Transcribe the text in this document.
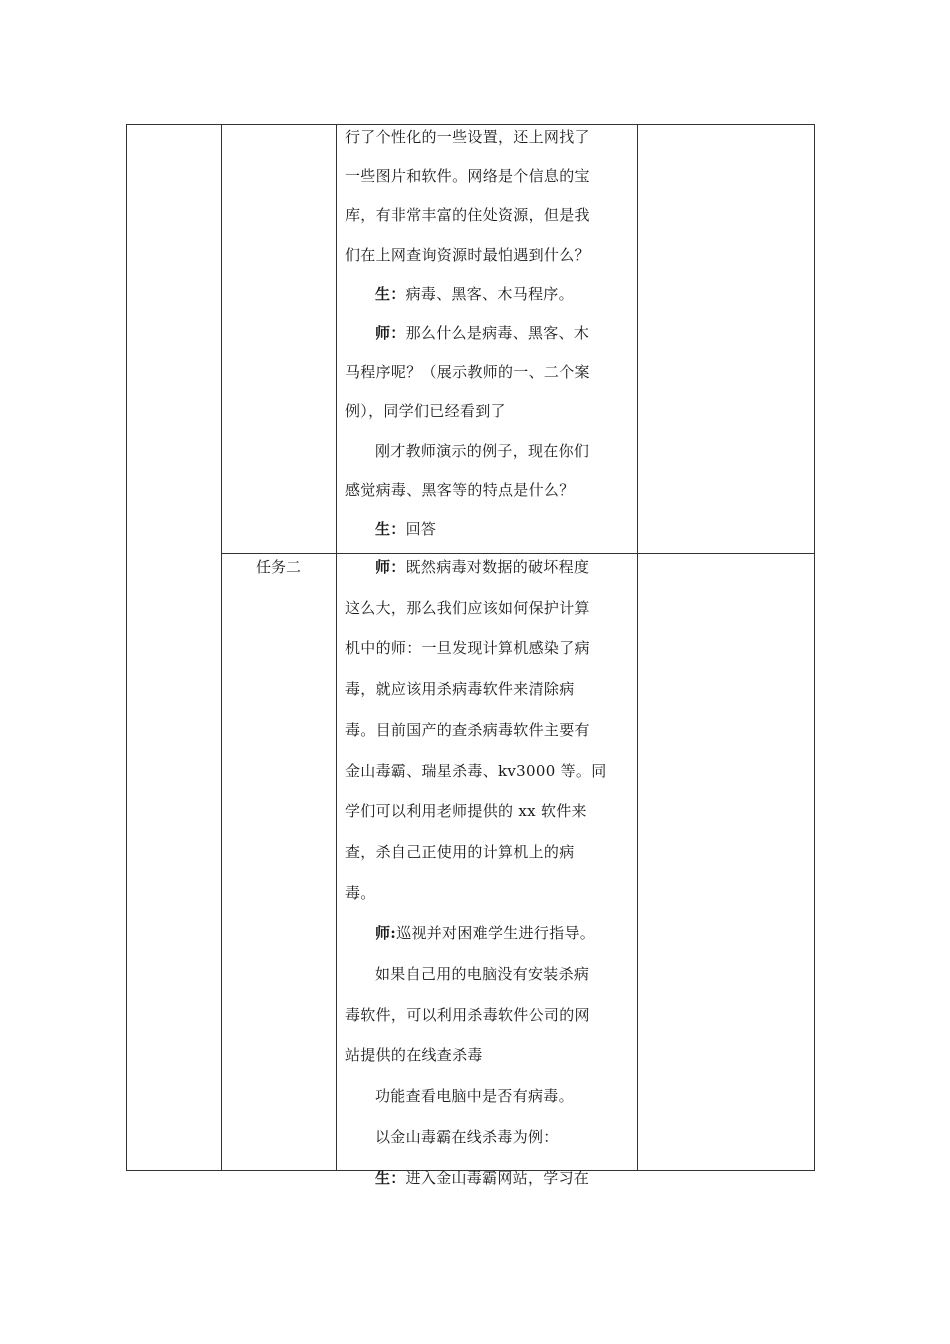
行了个性化的一些设置，还上网找了
一些图片和软件。网络是个信息的宝
库，有非常丰富的住处资源，但是我
们在上网查询资源时最怕遇到什么？
生：病毒、黑客、木马程序。
师：那么什么是病毒、黑客、木
马程序呢？（展示教师的一、二个案
例），同学们已经看到了
刚才教师演示的例子，现在你们
感觉病毒、黑客等的特点是什么？
生：回答
任务二	师：既然病毒对数据的破坏程度
这么大，那么我们应该如何保护计算
机中的师：一旦发现计算机感染了病
毒，就应该用杀病毒软件来清除病
毒。目前国产的查杀病毒软件主要有
金山毒霸、瑞星杀毒、kv3000 等。同
学们可以利用老师提供的 xx 软件来
查，杀自己正使用的计算机上的病
毒。
师:巡视并对困难学生进行指导。
如果自己用的电脑没有安装杀病
毒软件，可以利用杀毒软件公司的网
站提供的在线查杀毒
功能查看电脑中是否有病毒。
以金山毒霸在线杀毒为例：
生：进入金山毒霸网站，学习在
